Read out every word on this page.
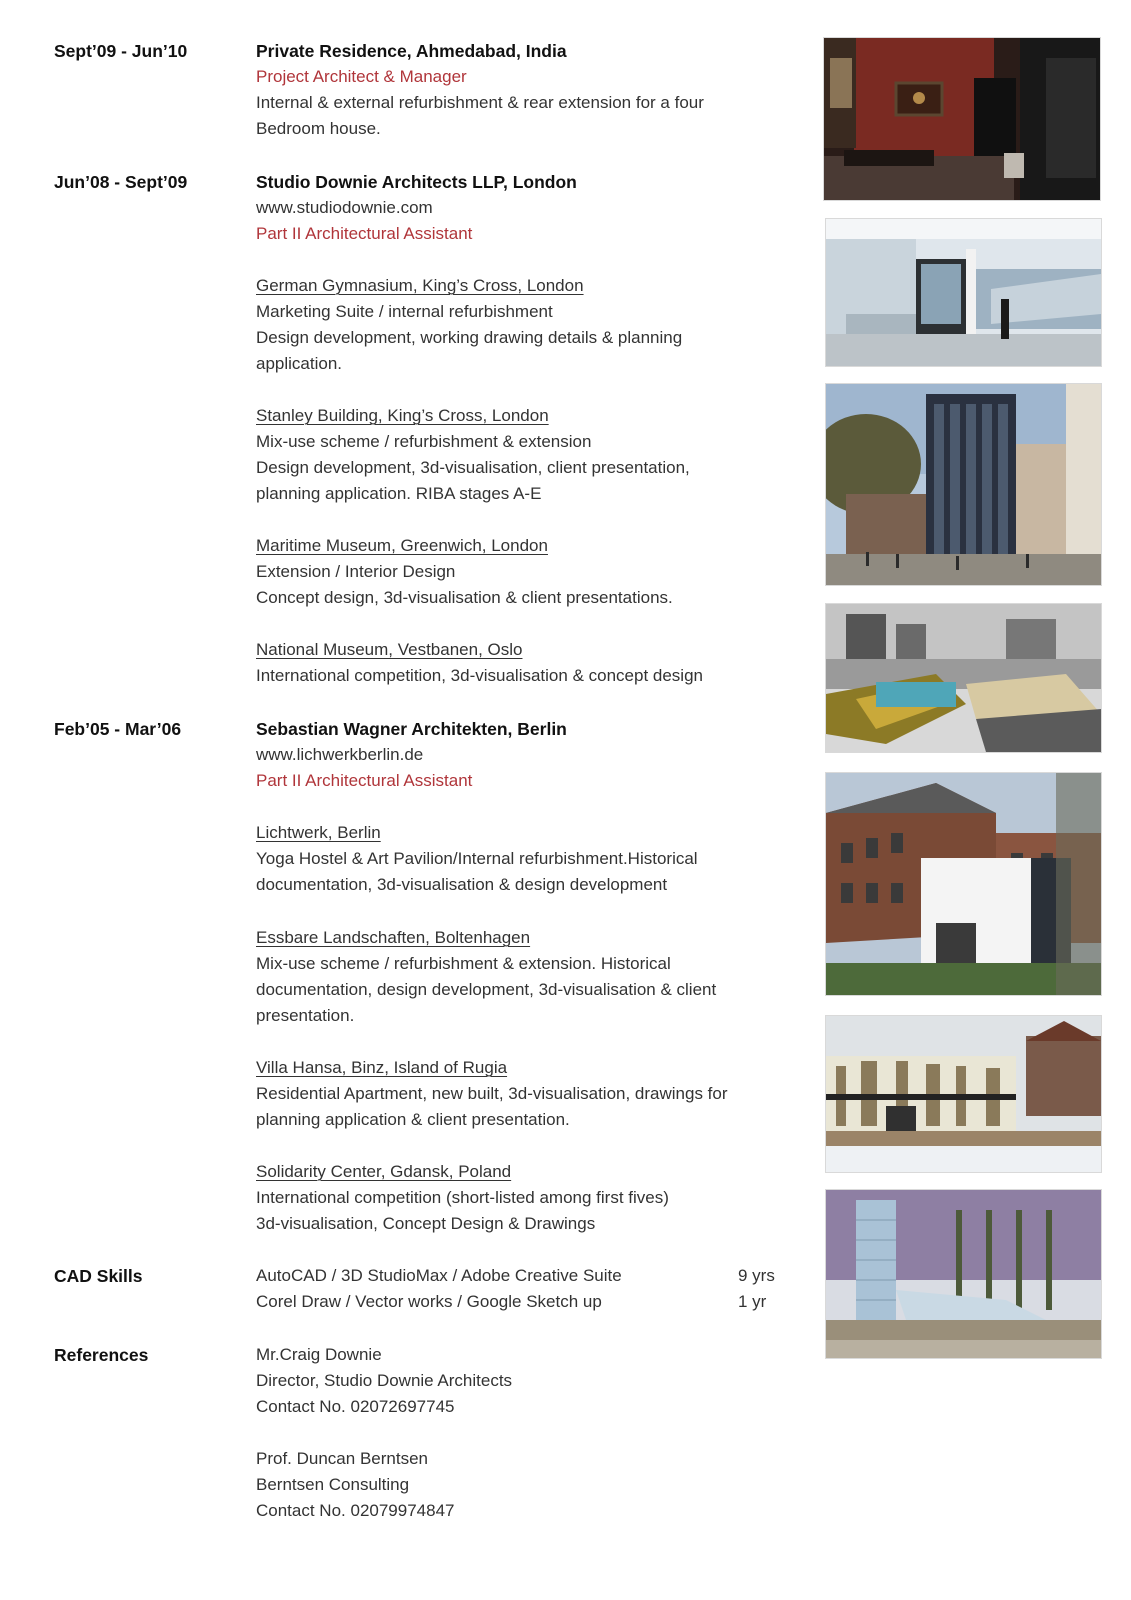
Sept’09 - Jun’10	Private Residence, Ahmedabad, India
Project Architect & Manager
Internal & external refurbishment & rear extension for a four
Bedroom house.
Jun’08 - Sept’09	Studio Downie Architects LLP, London
www.studiodownie.com
Part II Architectural Assistant
German Gymnasium, King’s Cross, London
Marketing Suite / internal refurbishment
Design development, working drawing details & planning
application.
Stanley Building, King’s Cross, London
Mix-use scheme / refurbishment & extension
Design development, 3d-visualisation, client presentation,
planning application. RIBA stages A-E
Maritime Museum, Greenwich, London
Extension / Interior Design
Concept design, 3d-visualisation & client presentations.
National Museum, Vestbanen, Oslo
International competition, 3d-visualisation & concept design
Feb’05 - Mar’06	Sebastian Wagner Architekten, Berlin
www.lichwerkberlin.de
Part II Architectural Assistant
Lichtwerk, Berlin
Yoga Hostel & Art Pavilion/Internal refurbishment.Historical
documentation, 3d-visualisation & design development
Essbare Landschaften, Boltenhagen
Mix-use scheme / refurbishment & extension. Historical
documentation, design development, 3d-visualisation & client
presentation.
Villa Hansa, Binz, Island of Rugia
Residential Apartment, new built, 3d-visualisation, drawings for
planning application & client presentation.
Solidarity Center, Gdansk, Poland
International competition (short-listed among first fives)
3d-visualisation, Concept Design & Drawings
CAD Skills	AutoCAD / 3D StudioMax / Adobe Creative Suite	9 yrs
Corel Draw / Vector works / Google Sketch up	1 yr
References	Mr.Craig Downie
Director, Studio Downie Architects
Contact No. 02072697745
Prof. Duncan Berntsen
Berntsen Consulting
Contact No. 02079974847
